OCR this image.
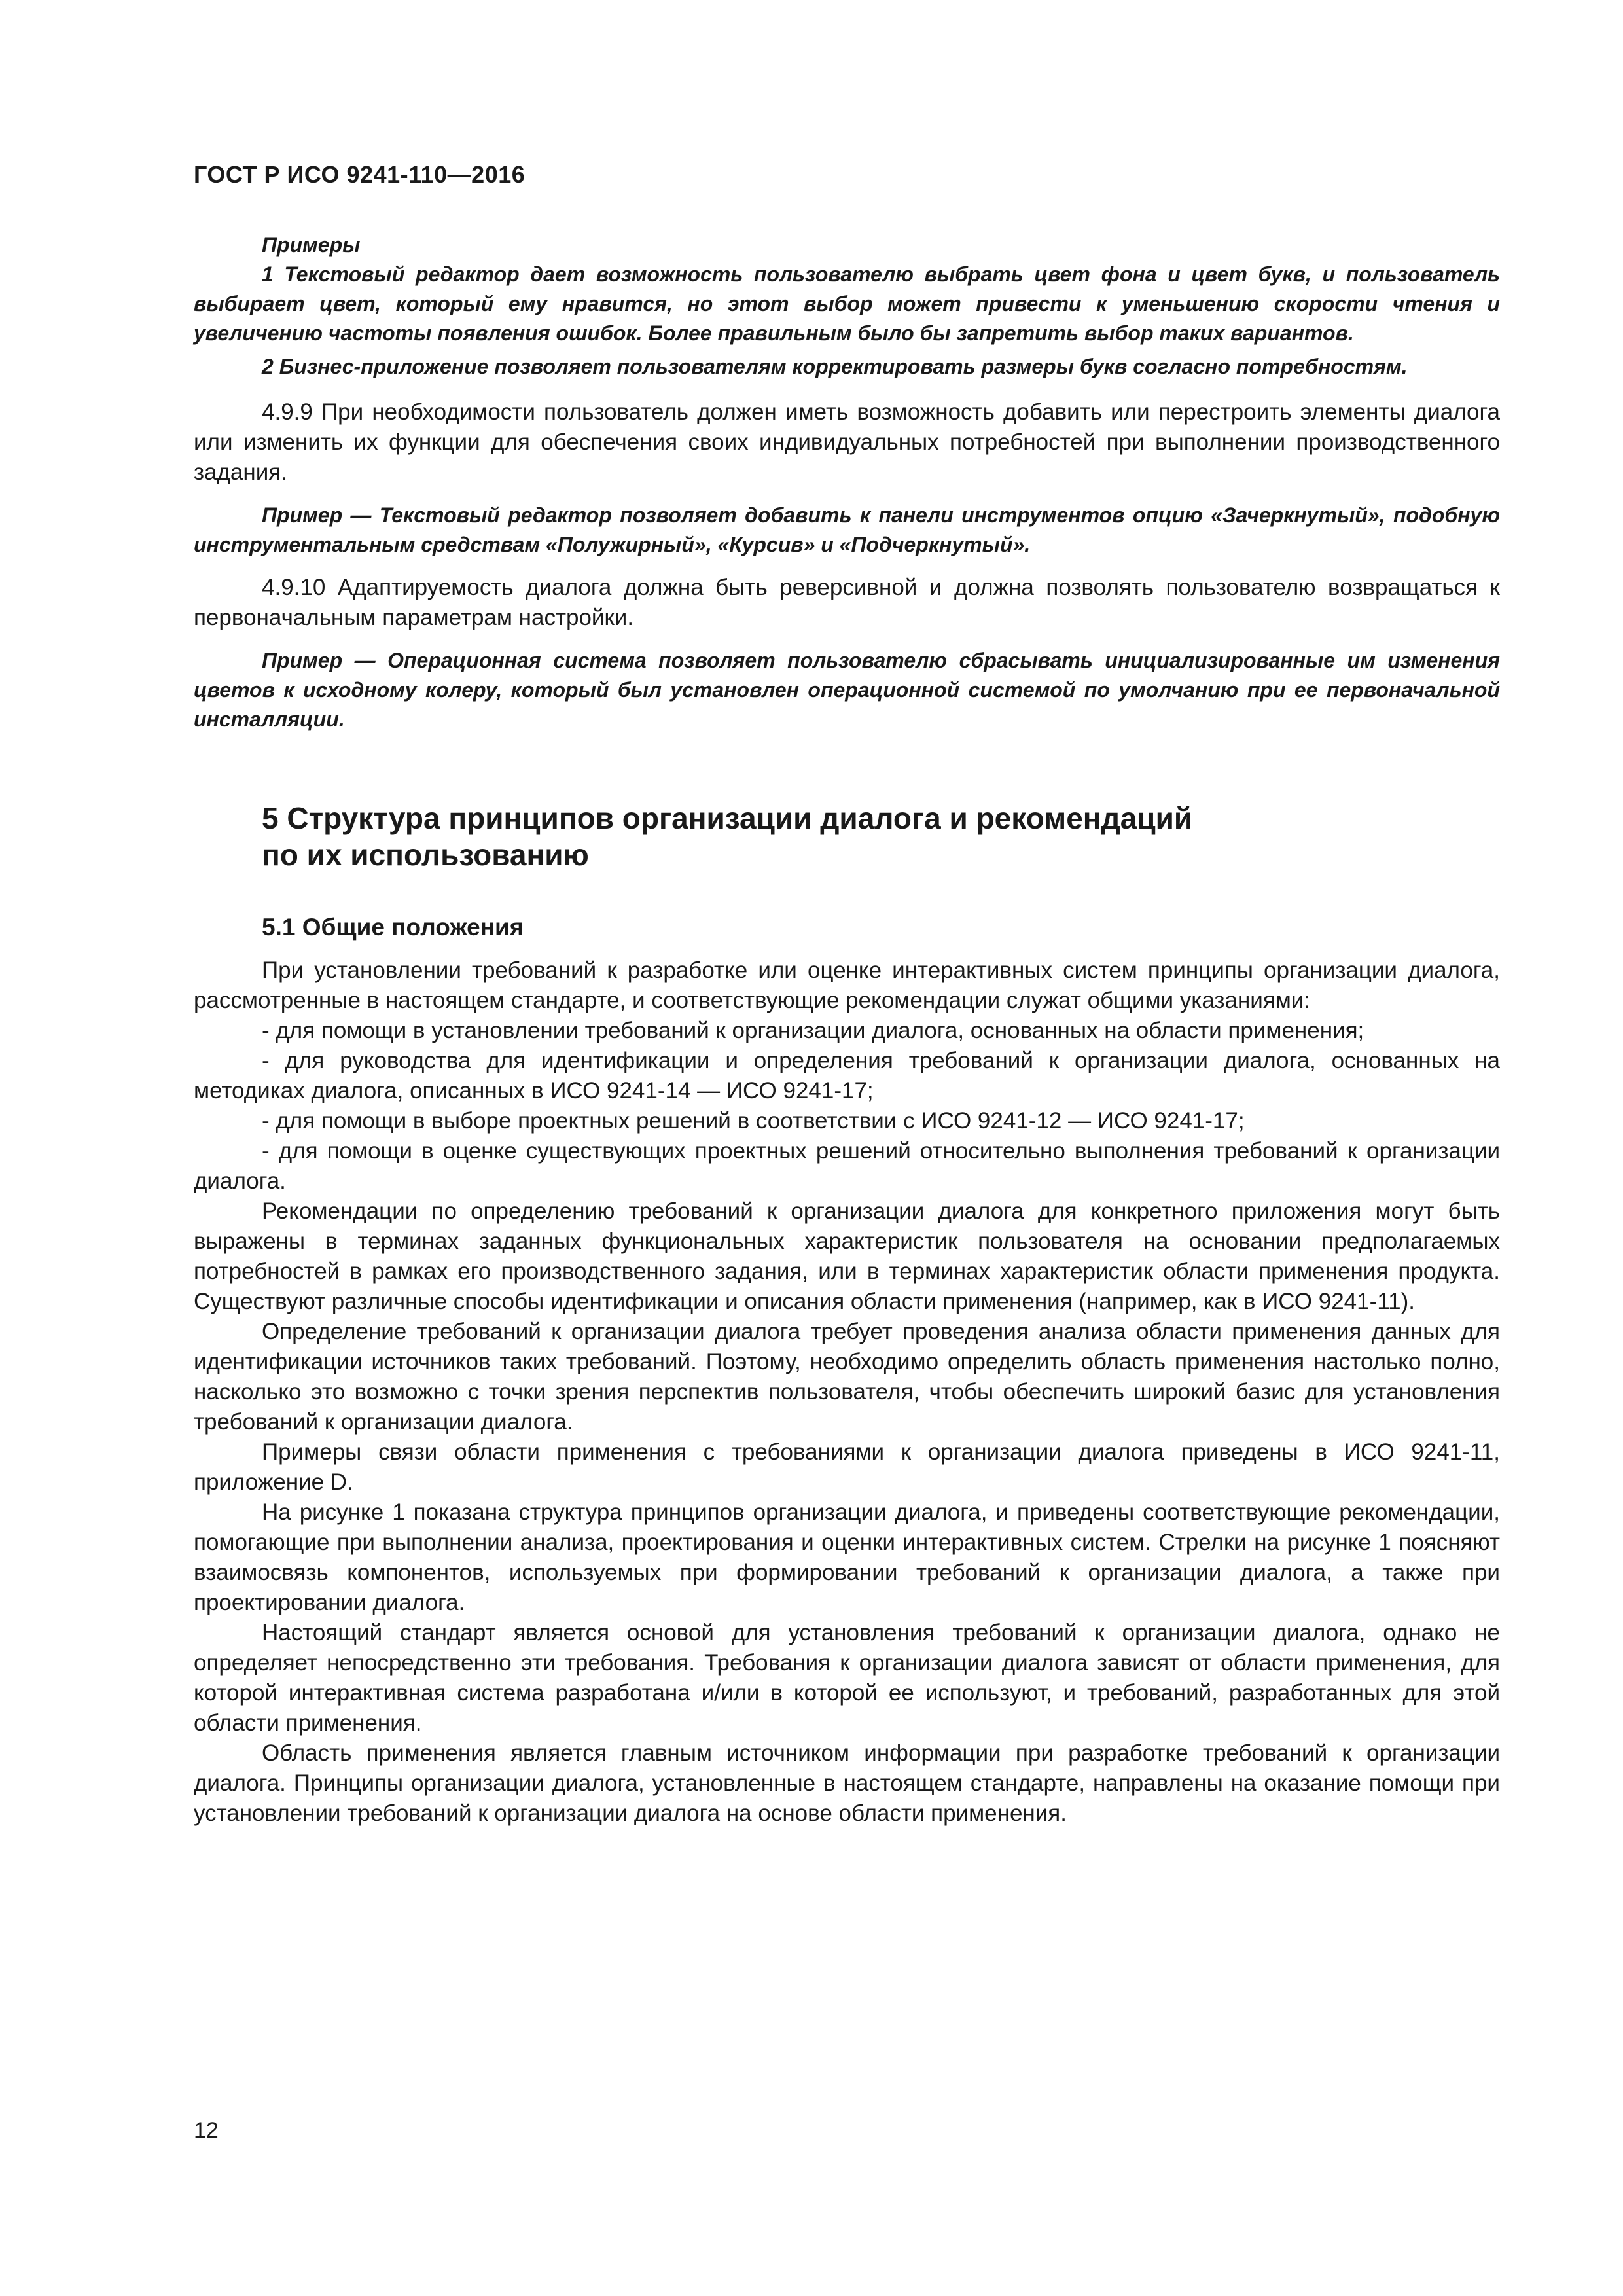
ГОСТ Р ИСО 9241-110—2016

Примеры

1 Текстовый редактор дает возможность пользователю выбрать цвет фона и цвет букв, и пользователь выбирает цвет, который ему нравится, но этот выбор может привести к уменьшению скорости чтения и увеличению частоты появления ошибок. Более правильным было бы запретить выбор таких вариантов.

2 Бизнес-приложение позволяет пользователям корректировать размеры букв согласно потребностям.

4.9.9 При необходимости пользователь должен иметь возможность добавить или перестроить элементы диалога или изменить их функции для обеспечения своих индивидуальных потребностей при выполнении производственного задания.

Пример — Текстовый редактор позволяет добавить к панели инструментов опцию «Зачеркнутый», подобную инструментальным средствам «Полужирный», «Курсив» и «Подчеркнутый».

4.9.10 Адаптируемость диалога должна быть реверсивной и должна позволять пользователю возвращаться к первоначальным параметрам настройки.

Пример — Операционная система позволяет пользователю сбрасывать инициализированные им изменения цветов к исходному колеру, который был установлен операционной системой по умолчанию при ее первоначальной инсталляции.

5 Структура принципов организации диалога и рекомендаций
по их использованию
5.1 Общие положения

При установлении требований к разработке или оценке интерактивных систем принципы организации диалога, рассмотренные в настоящем стандарте, и соответствующие рекомендации служат общими указаниями:

- для помощи в установлении требований к организации диалога, основанных на области применения;

- для руководства для идентификации и определения требований к организации диалога, основанных на методиках диалога, описанных в ИСО 9241-14 — ИСО 9241-17;

- для помощи в выборе проектных решений в соответствии с ИСО 9241-12 — ИСО 9241-17;

- для помощи в оценке существующих проектных решений относительно выполнения требований к организации диалога.

Рекомендации по определению требований к организации диалога для конкретного приложения могут быть выражены в терминах заданных функциональных характеристик пользователя на основании предполагаемых потребностей в рамках его производственного задания, или в терминах характеристик области применения продукта. Существуют различные способы идентификации и описания области применения (например, как в ИСО 9241-11).

Определение требований к организации диалога требует проведения анализа области применения данных для идентификации источников таких требований. Поэтому, необходимо определить область применения настолько полно, насколько это возможно с точки зрения перспектив пользователя, чтобы обеспечить широкий базис для установления требований к организации диалога.

Примеры связи области применения с требованиями к организации диалога приведены в ИСО 9241-11, приложение D.

На рисунке 1 показана структура принципов организации диалога, и приведены соответствующие рекомендации, помогающие при выполнении анализа, проектирования и оценки интерактивных систем. Стрелки на рисунке 1 поясняют взаимосвязь компонентов, используемых при формировании требований к организации диалога, а также при проектировании диалога.

Настоящий стандарт является основой для установления требований к организации диалога, однако не определяет непосредственно эти требования. Требования к организации диалога зависят от области применения, для которой интерактивная система разработана и/или в которой ее используют, и требований, разработанных для этой области применения.

Область применения является главным источником информации при разработке требований к организации диалога. Принципы организации диалога, установленные в настоящем стандарте, направлены на оказание помощи при установлении требований к организации диалога на основе области применения.

12
